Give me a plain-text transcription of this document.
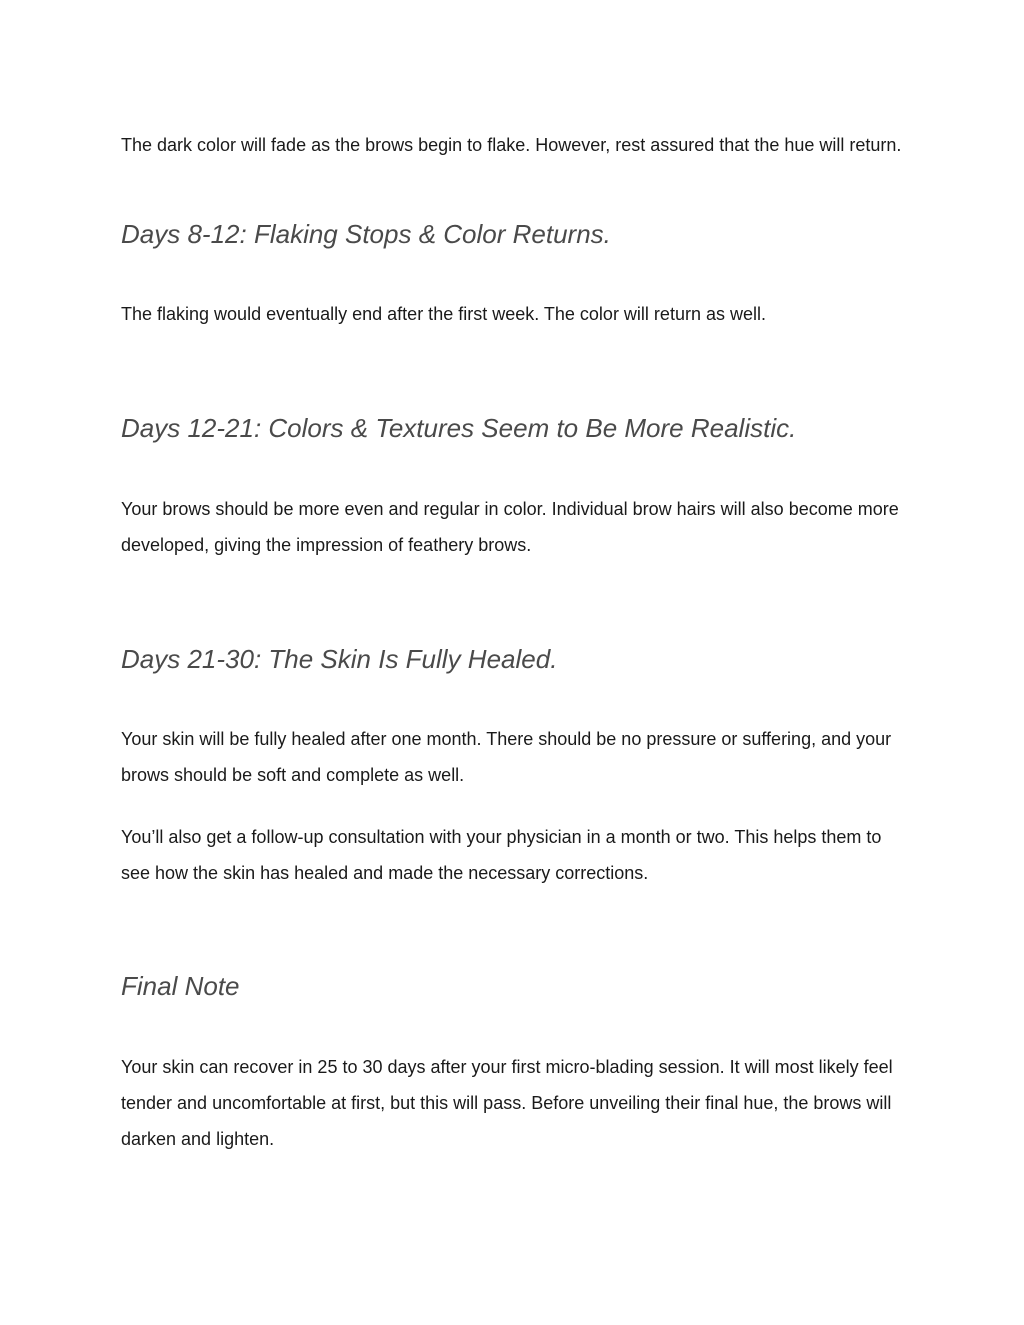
The dark color will fade as the brows begin to flake. However, rest assured that the hue will return.

Days 8-12: Flaking Stops & Color Returns.

The flaking would eventually end after the first week. The color will return as well.

Days 12-21: Colors & Textures Seem to Be More Realistic.

Your brows should be more even and regular in color. Individual brow hairs will also become more developed, giving the impression of feathery brows.

Days 21-30: The Skin Is Fully Healed.

Your skin will be fully healed after one month. There should be no pressure or suffering, and your brows should be soft and complete as well.

You’ll also get a follow-up consultation with your physician in a month or two. This helps them to see how the skin has healed and made the necessary corrections.

Final Note

Your skin can recover in 25 to 30 days after your first micro-blading session. It will most likely feel tender and uncomfortable at first, but this will pass. Before unveiling their final hue, the brows will darken and lighten.
